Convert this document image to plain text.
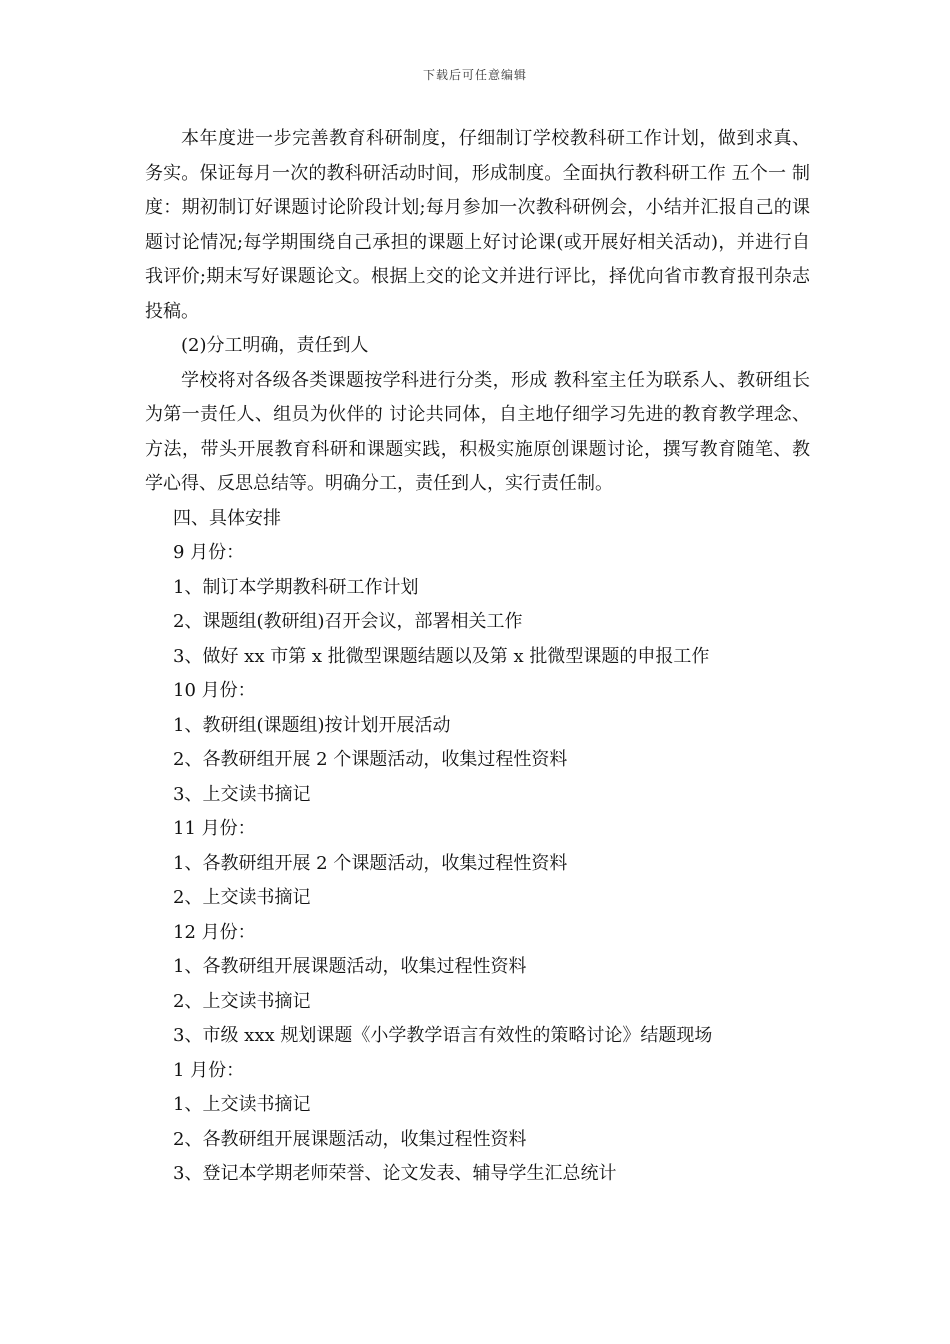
下载后可任意编辑

本年度进一步完善教育科研制度，仔细制订学校教科研工作计划，做到求真、务实。保证每月一次的教科研活动时间，形成制度。全面执行教科研工作 五个一 制度：期初制订好课题讨论阶段计划;每月参加一次教科研例会，小结并汇报自己的课题讨论情况;每学期围绕自己承担的课题上好讨论课(或开展好相关活动)，并进行自我评价;期末写好课题论文。根据上交的论文并进行评比，择优向省市教育报刊杂志投稿。

(2)分工明确，责任到人

学校将对各级各类课题按学科进行分类，形成 教科室主任为联系人、教研组长为第一责任人、组员为伙伴的 讨论共同体，自主地仔细学习先进的教育教学理念、方法，带头开展教育科研和课题实践，积极实施原创课题讨论，撰写教育随笔、教学心得、反思总结等。明确分工，责任到人，实行责任制。

四、具体安排

9 月份：

1、制订本学期教科研工作计划

2、课题组(教研组)召开会议，部署相关工作

3、做好 xx 市第 x 批微型课题结题以及第 x 批微型课题的申报工作

10 月份：

1、教研组(课题组)按计划开展活动

2、各教研组开展 2 个课题活动，收集过程性资料

3、上交读书摘记

11 月份：

1、各教研组开展 2 个课题活动，收集过程性资料

2、上交读书摘记

12 月份：

1、各教研组开展课题活动，收集过程性资料

2、上交读书摘记

3、市级 xxx 规划课题《小学教学语言有效性的策略讨论》结题现场

1 月份：

1、上交读书摘记

2、各教研组开展课题活动，收集过程性资料

3、登记本学期老师荣誉、论文发表、辅导学生汇总统计
